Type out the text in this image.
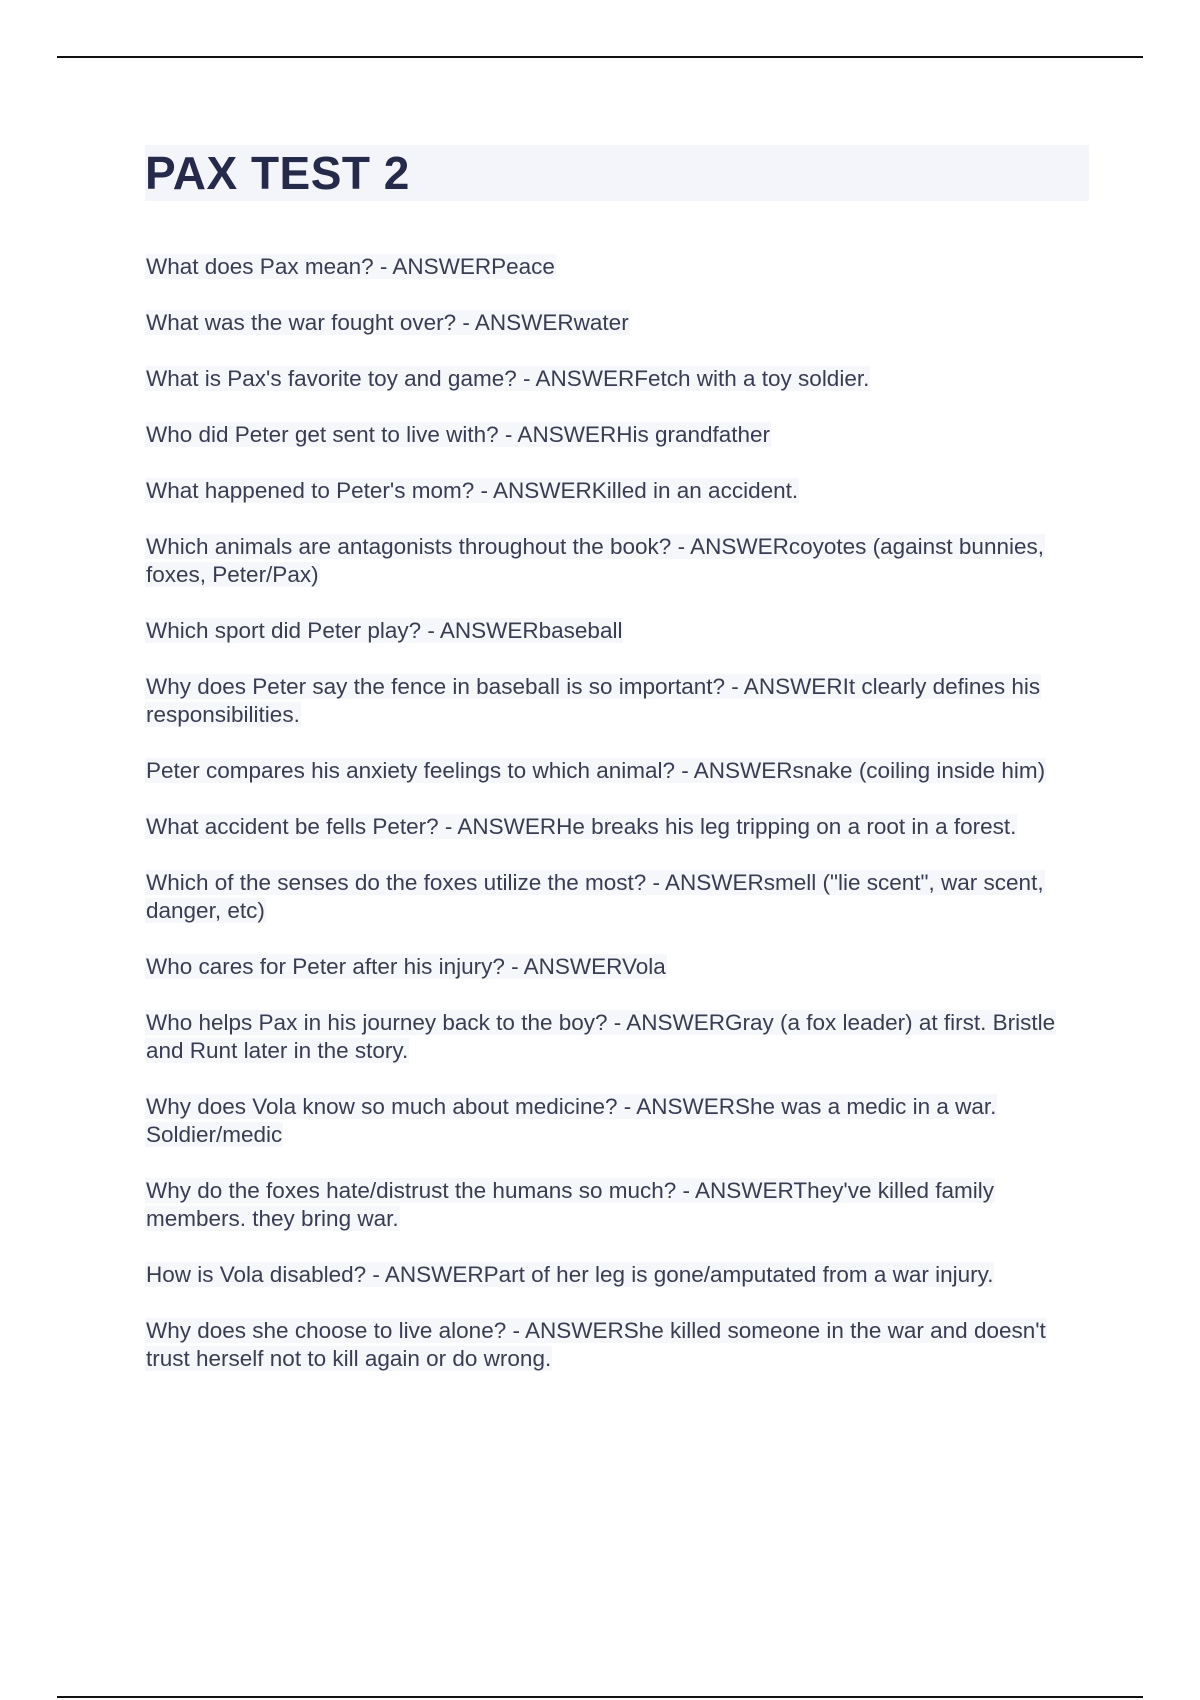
PAX TEST 2
What does Pax mean? - ANSWERPeace
What was the war fought over? - ANSWERwater
What is Pax's favorite toy and game? - ANSWERFetch with a toy soldier.
Who did Peter get sent to live with? - ANSWERHis grandfather
What happened to Peter's mom? - ANSWERKilled in an accident.
Which animals are antagonists throughout the book? - ANSWERcoyotes (against bunnies, foxes, Peter/Pax)
Which sport did Peter play? - ANSWERbaseball
Why does Peter say the fence in baseball is so important? - ANSWERIt clearly defines his responsibilities.
Peter compares his anxiety feelings to which animal? - ANSWERsnake (coiling inside him)
What accident be fells Peter? - ANSWERHe breaks his leg tripping on a root in a forest.
Which of the senses do the foxes utilize the most? - ANSWERsmell ("lie scent", war scent, danger, etc)
Who cares for Peter after his injury? - ANSWERVola
Who helps Pax in his journey back to the boy? - ANSWERGray (a fox leader) at first. Bristle and Runt later in the story.
Why does Vola know so much about medicine? - ANSWERShe was a medic in a war. Soldier/medic
Why do the foxes hate/distrust the humans so much? - ANSWERThey've killed family members. they bring war.
How is Vola disabled? - ANSWERPart of her leg is gone/amputated from a war injury.
Why does she choose to live alone? - ANSWERShe killed someone in the war and doesn't trust herself not to kill again or do wrong.
